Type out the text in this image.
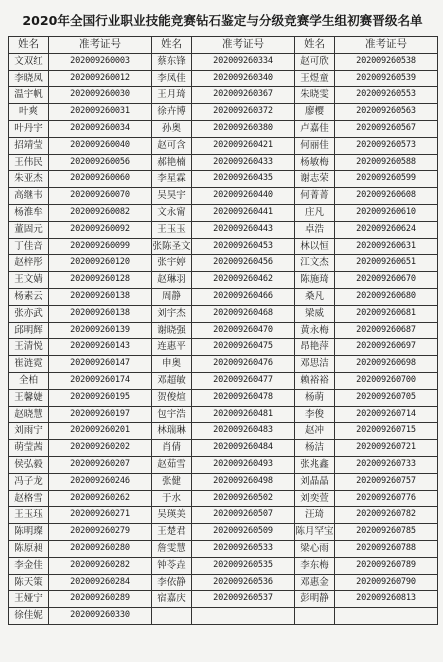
2020年全国行业职业技能竞赛钻石鉴定与分级竞赛学生组初赛晋级名单
姓名	准考证号	姓名	准考证号	姓名	准考证号
文双红	202009260003	蔡东锋	202009260334	赵可欣	202009260538
李晓凤	202009260012	李凤佳	202009260340	王煜童	202009260539
温宇帆	202009260030	王月琦	202009260367	朱晓雯	202009260553
叶爽	202009260031	徐卉博	202009260372	廖樱	202009260563
叶丹宇	202009260034	孙奥	202009260380	卢嘉佳	202009260567
招靖莹	202009260040	赵可含	202009260421	何丽佳	202009260573
王伟民	202009260056	郝艳楠	202009260433	杨敏梅	202009260588
朱亚杰	202009260060	李星霖	202009260435	谢志荣	202009260599
高继韦	202009260070	吴昊宇	202009260440	何菁菁	202009260608
杨淮牟	202009260082	文永甯	202009260441	庄凡	202009260610
董固元	202009260092	王玉玉	202009260443	卓浩	202009260624
丁佳音	202009260099	张陈圣文	202009260453	林以恒	202009260631
赵梓彤	202009260120	张宇婷	202009260456	江文杰	202009260651
王文婧	202009260128	赵琳羽	202009260462	陈施琦	202009260670
杨素云	202009260138	周静	202009260466	桑凡	202009260680
张亦武	202009260138	刘宇杰	202009260468	梁威	202009260681
邱明辉	202009260139	谢晓强	202009260470	黄永梅	202009260687
王清悦	202009260143	连惠平	202009260475	昂艳萍	202009260697
崔涟霓	202009260147	申奥	202009260476	邓思洁	202009260698
全柏	202009260174	邓超敏	202009260477	赖裕裕	202009260700
王馨婕	202009260195	贺俊煊	202009260478	杨萌	202009260705
赵晓慧	202009260197	包宇浩	202009260481	李俊	202009260714
刘雨宁	202009260201	林瑞琳	202009260483	赵冲	202009260715
萌莹茜	202009260202	肖倩	202009260484	杨洁	202009260721
侯弘毅	202009260207	赵茹雪	202009260493	张兆鑫	202009260733
冯子龙	202009260246	张健	202009260498	刘晶晶	202009260757
赵格雪	202009260262	于水	202009260502	刘奕萱	202009260776
王玉珏	202009260271	吴瑛美	202009260507	汪琦	202009260782
陈明璨	202009260279	王楚君	202009260509	陈月罕宝	202009260785
陈原昶	202009260280	詹雯慧	202009260533	梁心雨	202009260788
李金佳	202009260282	钟苓垚	202009260535	李东梅	202009260789
陈天策	202009260284	李依静	202009260536	邓惠金	202009260790
王娅宁	202009260289	宿嘉庆	202009260537	彭明静	202009260813
徐佳妮	202009260330				
